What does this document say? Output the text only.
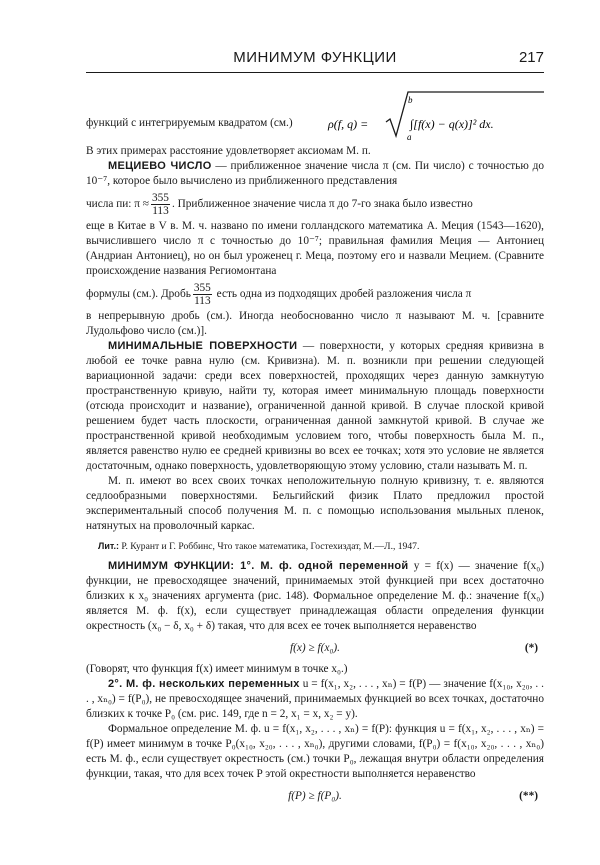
МИНИМУМ ФУНКЦИИ	217
функций с интегрируемым квадратом (см.)	ρ(f, q) =
b
a
∫[f(x) − q(x)]² dx.

В этих примерах расстояние удовлетворяет аксиомам М. п.

МЕЦИЕВО ЧИСЛО — приближенное значение числа π (см. Пи число) с точностью до 10⁻⁷, которое было вычислено из приближенного представления

числа пи: $\pi \approx \frac{355}{113}$ . Приближенное значение числа π до 7-го знака было известно

еще в Китае в V в. М. ч. названо по имени голландского математика А. Меция (1543—1620), вычислившего число π с точностью до 10⁻⁷; правильная фамилия Меция — Антониец (Андриан Антониец), но он был уроженец г. Меца, поэтому его и назвали Мецием. (Сравните происхождение названия Региомонтана

формулы (см.). Дробь $\frac{355}{113}$ есть одна из подходящих дробей разложения числа π

в непрерывную дробь (см.). Иногда необоснованно число π называют М. ч. [сравните Лудольфово число (см.)].

МИНИМАЛЬНЫЕ ПОВЕРХНОСТИ — поверхности, у которых средняя кривизна в любой ее точке равна нулю (см. Кривизна). М. п. возникли при решении следующей вариационной задачи: среди всех поверхностей, проходящих через данную замкнутую пространственную кривую, найти ту, которая имеет минимальную площадь поверхности (отсюда происходит и название), ограниченной данной кривой. В случае плоской кривой решением будет часть плоскости, ограниченная данной замкнутой кривой. В случае же пространственной кривой необходимым условием того, чтобы поверхность была М. п., является равенство нулю ее средней кривизны во всех ее точках; хотя это условие не является достаточным, однако поверхность, удовлетворяющую этому условию, стали называть М. п.

М. п. имеют во всех своих точках неположительную полную кривизну, т. е. являются седлообразными поверхностями. Бельгийский физик Плато предложил простой экспериментальный способ получения М. п. с помощью использования мыльных пленок, натянутых на проволочный каркас.

Лит.: Р. Курант и Г. Роббинс, Что такое математика, Гостехиздат, М.—Л., 1947.

МИНИМУМ ФУНКЦИИ: 1°. М. ф. одной переменной y = f(x) — значение f(x₀) функции, не превосходящее значений, принимаемых этой функцией при всех достаточно близких к x₀ значениях аргумента (рис. 148). Формальное определение М. ф.: значение f(x₀) является М. ф. f(x), если существует принадлежащая области определения функции окрестность (x₀ − δ, x₀ + δ) такая, что для всех ее точек выполняется неравенство

f(x) ≥ f(x₀).	(*)

(Говорят, что функция f(x) имеет минимум в точке x₀.)

2°. М. ф. нескольких переменных u = f(x₁, x₂, . . . , xₙ) = f(P) — значение f(x₁₀, x₂₀, . . . , xₙ₀) = f(P₀), не превосходящее значений, принимаемых функцией во всех точках, достаточно близких к точке P₀ (см. рис. 149, где n = 2, x₁ = x, x₂ = y).

Формальное определение М. ф. u = f(x₁, x₂, . . . , xₙ) = f(P): функция u = f(x₁, x₂, . . . , xₙ) = f(P) имеет минимум в точке P₀(x₁₀, x₂₀, . . . , xₙ₀), другими словами, f(P₀) = f(x₁₀, x₂₀, . . . , xₙ₀) есть М. ф., если существует окрестность (см.) точки P₀, лежащая внутри области определения функции, такая, что для всех точек P этой окрестности выполняется неравенство

f(P) ≥ f(P₀).	(**)
